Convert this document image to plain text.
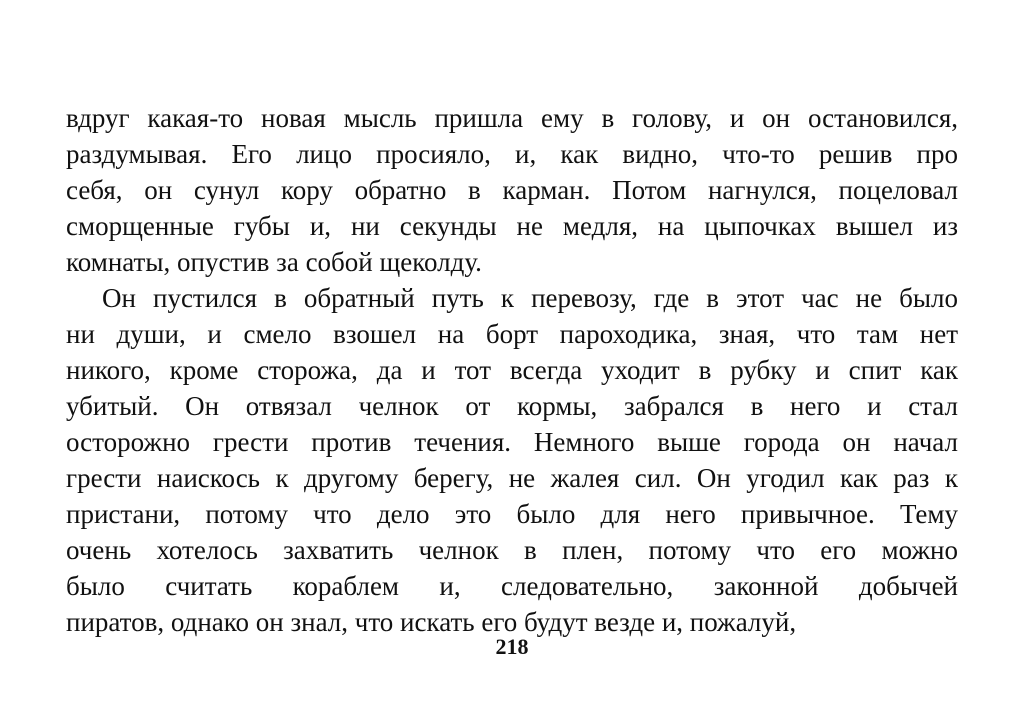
вдруг какая-то новая мысль пришла ему в голову, и он остановился,
раздумывая. Его лицо просияло, и, как видно, что-то решив про
себя, он сунул кору обратно в карман. Потом нагнулся, поцеловал
сморщенные губы и, ни секунды не медля, на цыпочках вышел из
комнаты, опустив за собой щеколду.
Он пустился в обратный путь к перевозу, где в этот час не было
ни души, и смело взошел на борт пароходика, зная, что там нет
никого, кроме сторожа, да и тот всегда уходит в рубку и спит как
убитый. Он отвязал челнок от кормы, забрался в него и стал
осторожно грести против течения. Немного выше города он начал
грести наискось к другому берегу, не жалея сил. Он угодил как раз к
пристани, потому что дело это было для него привычное. Тему
очень хотелось захватить челнок в плен, потому что его можно
было считать кораблем и, следовательно, законной добычей
пиратов, однако он знал, что искать его будут везде и, пожалуй,
218
